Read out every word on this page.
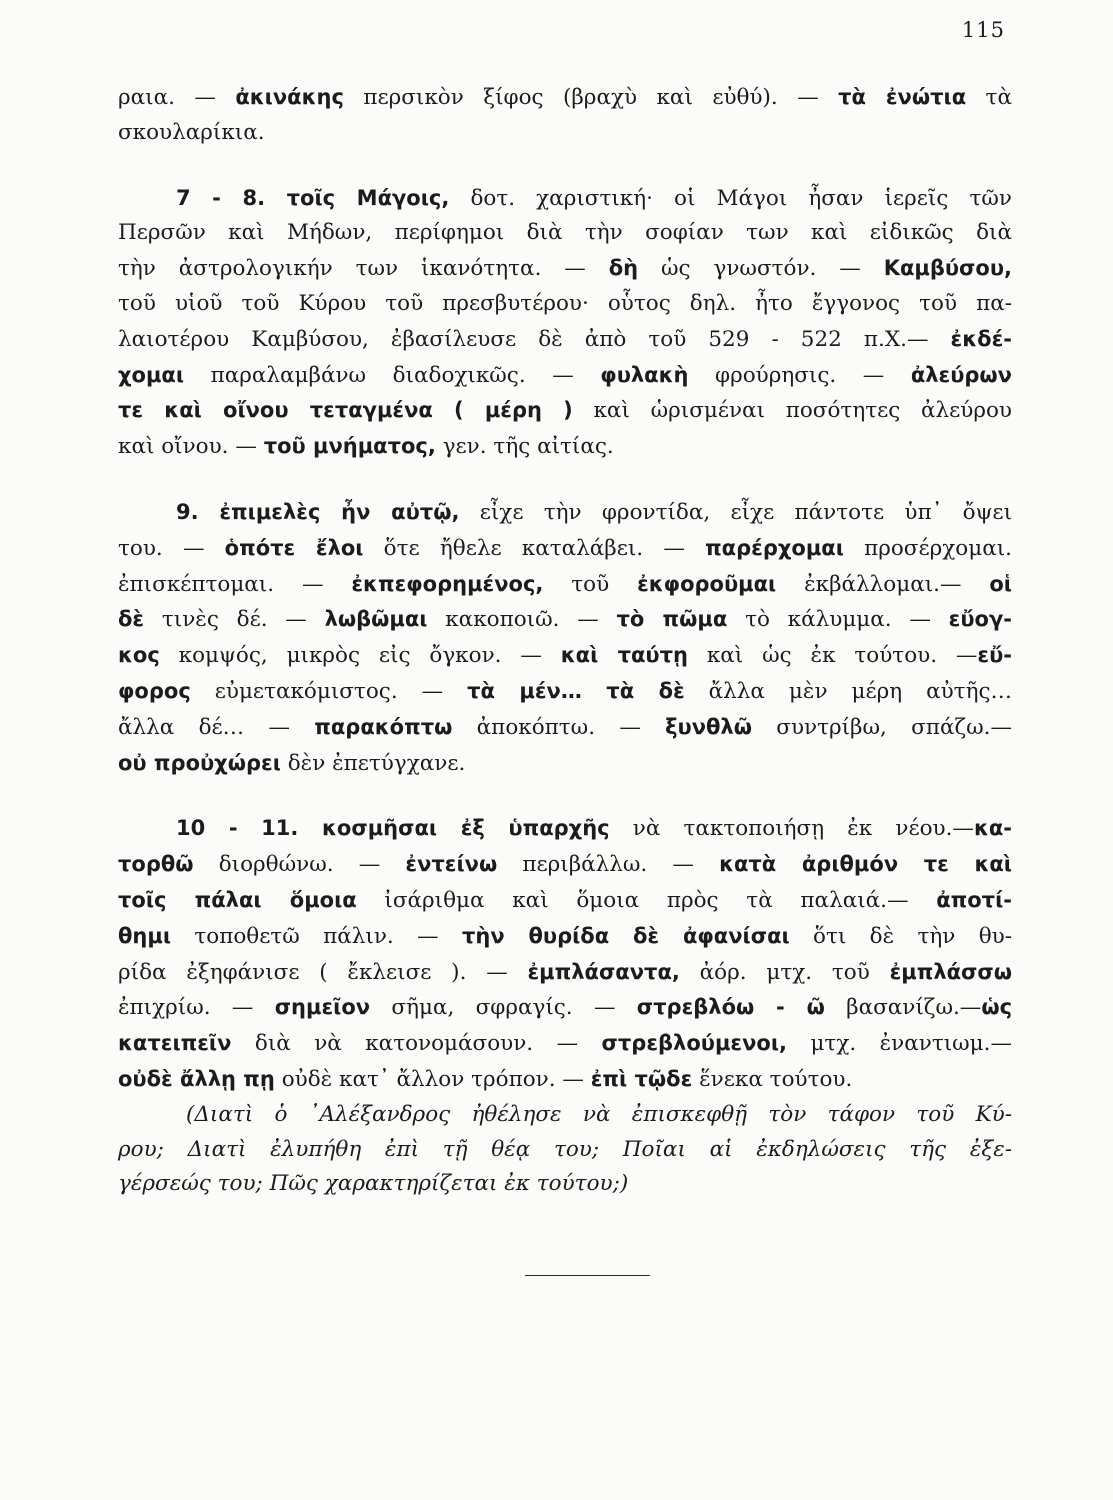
115
ραια. — ἀκινάκης περσικὸν ξίφος (βραχὺ καὶ εὐθύ). — τὰ ἐνώτια τὰ
σκουλαρίκια.
7 - 8. τοῖς Μάγοις, δοτ. χαριστική· οἱ Μάγοι ἦσαν ἱερεῖς τῶν
Περσῶν καὶ Μήδων, περίφημοι διὰ τὴν σοφίαν των καὶ εἰδικῶς διὰ
τὴν ἀστρολογικήν των ἱκανότητα. — δὴ ὡς γνωστόν. — Καμβύσου,
τοῦ υἱοῦ τοῦ Κύρου τοῦ πρεσβυτέρου· οὗτος δηλ. ἦτο ἔγγονος τοῦ πα-
λαιοτέρου Καμβύσου, ἐβασίλευσε δὲ ἀπὸ τοῦ 529 - 522 π.Χ.— ἐκδέ-
χομαι παραλαμβάνω διαδοχικῶς. — φυλακὴ φρούρησις. — ἀλεύρων
τε καὶ οἴνου τεταγμένα ( μέρη ) καὶ ὡρισμέναι ποσότητες ἀλεύρου
καὶ οἴνου. — τοῦ μνήματος, γεν. τῆς αἰτίας.
9. ἐπιμελὲς ἦν αὐτῷ, εἶχε τὴν φροντίδα, εἶχε πάντοτε ὑπ᾽ ὄψει
του. — ὁπότε ἔλοι ὅτε ἤθελε καταλάβει. — παρέρχομαι προσέρχομαι.
ἐπισκέπτομαι. — ἐκπεφορημένος, τοῦ ἐκφοροῦμαι ἐκβάλλομαι.— οἱ
δὲ τινὲς δέ. — λωβῶμαι κακοποιῶ. — τὸ πῶμα τὸ κάλυμμα. — εὔογ-
κος κομψός, μικρὸς εἰς ὄγκον. — καὶ ταύτῃ καὶ ὡς ἐκ τούτου. —εὔ-
φορος εὐμετακόμιστος. — τὰ μέν… τὰ δὲ ἄλλα μὲν μέρη αὐτῆς…
ἄλλα δέ… — παρακόπτω ἀποκόπτω. — ξυνθλῶ συντρίβω, σπάζω.—
οὐ προὐχώρει δὲν ἐπετύγχανε.
10 - 11. κοσμῆσαι ἐξ ὑπαρχῆς νὰ τακτοποιήσῃ ἐκ νέου.—κα-
τορθῶ διορθώνω. — ἐντείνω περιβάλλω. — κατὰ ἀριθμόν τε καὶ
τοῖς πάλαι ὅμοια ἰσάριθμα καὶ ὅμοια πρὸς τὰ παλαιά.— ἀποτί-
θημι τοποθετῶ πάλιν. — τὴν θυρίδα δὲ ἀφανίσαι ὅτι δὲ τὴν θυ-
ρίδα ἐξηφάνισε ( ἔκλεισε ). — ἐμπλάσαντα, ἀόρ. μτχ. τοῦ ἐμπλάσσω
ἐπιχρίω. — σημεῖον σῆμα, σφραγίς. — στρεβλόω - ῶ βασανίζω.—ὡς
κατειπεῖν διὰ νὰ κατονομάσουν. — στρεβλούμενοι, μτχ. ἐναντιωμ.—
οὐδὲ ἄλλῃ πῃ οὐδὲ κατ᾽ ἄλλον τρόπον. — ἐπὶ τῷδε ἕνεκα τούτου.
(Διατὶ ὁ ᾽Αλέξανδρος ἠθέλησε νὰ ἐπισκεφθῇ τὸν τάφον τοῦ Κύ-
ρου; Διατὶ ἐλυπήθη ἐπὶ τῇ θέᾳ του; Ποῖαι αἱ ἐκδηλώσεις τῆς ἐξε-
γέρσεώς του; Πῶς χαρακτηρίζεται ἐκ τούτου;)
